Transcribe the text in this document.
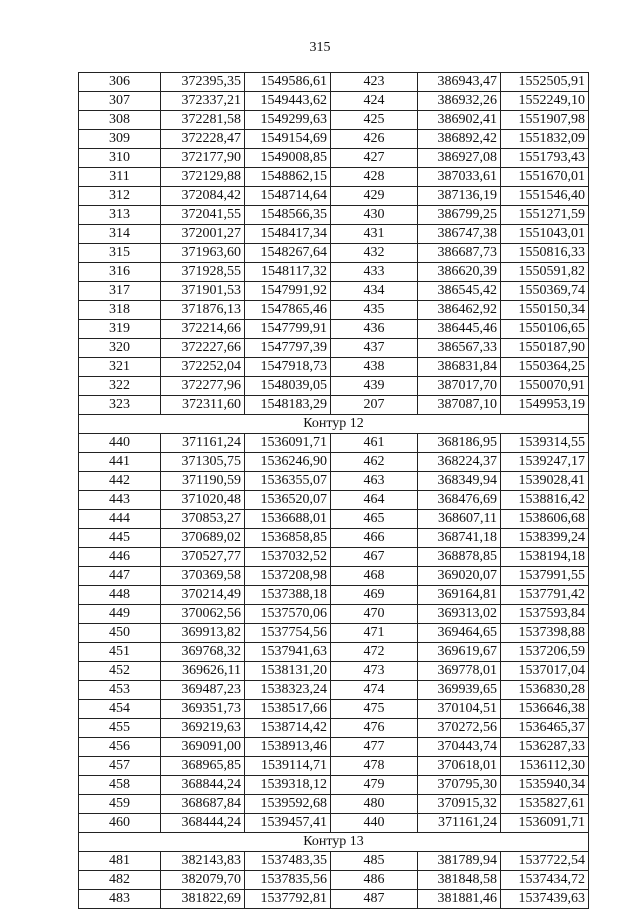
315
306	372395,35	1549586,61	423	386943,47	1552505,91
307	372337,21	1549443,62	424	386932,26	1552249,10
308	372281,58	1549299,63	425	386902,41	1551907,98
309	372228,47	1549154,69	426	386892,42	1551832,09
310	372177,90	1549008,85	427	386927,08	1551793,43
311	372129,88	1548862,15	428	387033,61	1551670,01
312	372084,42	1548714,64	429	387136,19	1551546,40
313	372041,55	1548566,35	430	386799,25	1551271,59
314	372001,27	1548417,34	431	386747,38	1551043,01
315	371963,60	1548267,64	432	386687,73	1550816,33
316	371928,55	1548117,32	433	386620,39	1550591,82
317	371901,53	1547991,92	434	386545,42	1550369,74
318	371876,13	1547865,46	435	386462,92	1550150,34
319	372214,66	1547799,91	436	386445,46	1550106,65
320	372227,66	1547797,39	437	386567,33	1550187,90
321	372252,04	1547918,73	438	386831,84	1550364,25
322	372277,96	1548039,05	439	387017,70	1550070,91
323	372311,60	1548183,29	207	387087,10	1549953,19
Контур 12					
440	371161,24	1536091,71	461	368186,95	1539314,55
441	371305,75	1536246,90	462	368224,37	1539247,17
442	371190,59	1536355,07	463	368349,94	1539028,41
443	371020,48	1536520,07	464	368476,69	1538816,42
444	370853,27	1536688,01	465	368607,11	1538606,68
445	370689,02	1536858,85	466	368741,18	1538399,24
446	370527,77	1537032,52	467	368878,85	1538194,18
447	370369,58	1537208,98	468	369020,07	1537991,55
448	370214,49	1537388,18	469	369164,81	1537791,42
449	370062,56	1537570,06	470	369313,02	1537593,84
450	369913,82	1537754,56	471	369464,65	1537398,88
451	369768,32	1537941,63	472	369619,67	1537206,59
452	369626,11	1538131,20	473	369778,01	1537017,04
453	369487,23	1538323,24	474	369939,65	1536830,28
454	369351,73	1538517,66	475	370104,51	1536646,38
455	369219,63	1538714,42	476	370272,56	1536465,37
456	369091,00	1538913,46	477	370443,74	1536287,33
457	368965,85	1539114,71	478	370618,01	1536112,30
458	368844,24	1539318,12	479	370795,30	1535940,34
459	368687,84	1539592,68	480	370915,32	1535827,61
460	368444,24	1539457,41	440	371161,24	1536091,71
Контур 13					
481	382143,83	1537483,35	485	381789,94	1537722,54
482	382079,70	1537835,56	486	381848,58	1537434,72
483	381822,69	1537792,81	487	381881,46	1537439,63
